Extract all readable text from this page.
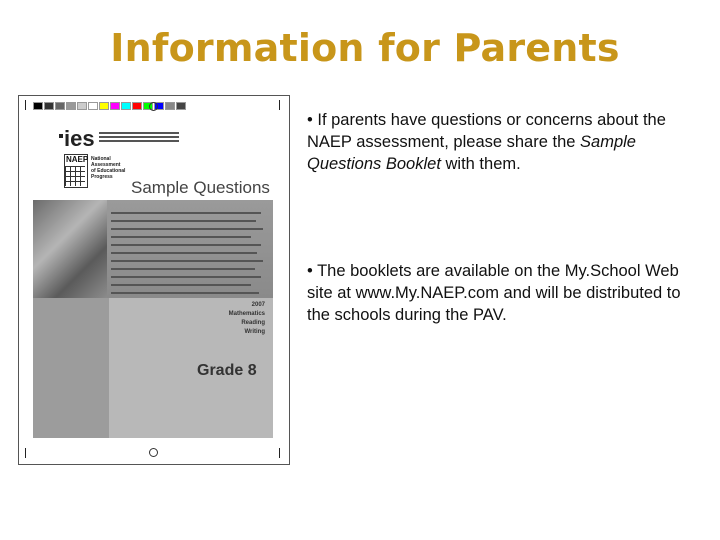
Information for Parents
ies
NAEP National
Assessment
of Educational
Progress
Sample Questions
2007
Mathematics
Reading
Writing
Grade 8

• If parents have questions or concerns about the NAEP assessment, please share the Sample Questions Booklet with them.

• The booklets are available on the My.School Web site at www.My.NAEP.com and will be distributed to the schools during the PAV.
